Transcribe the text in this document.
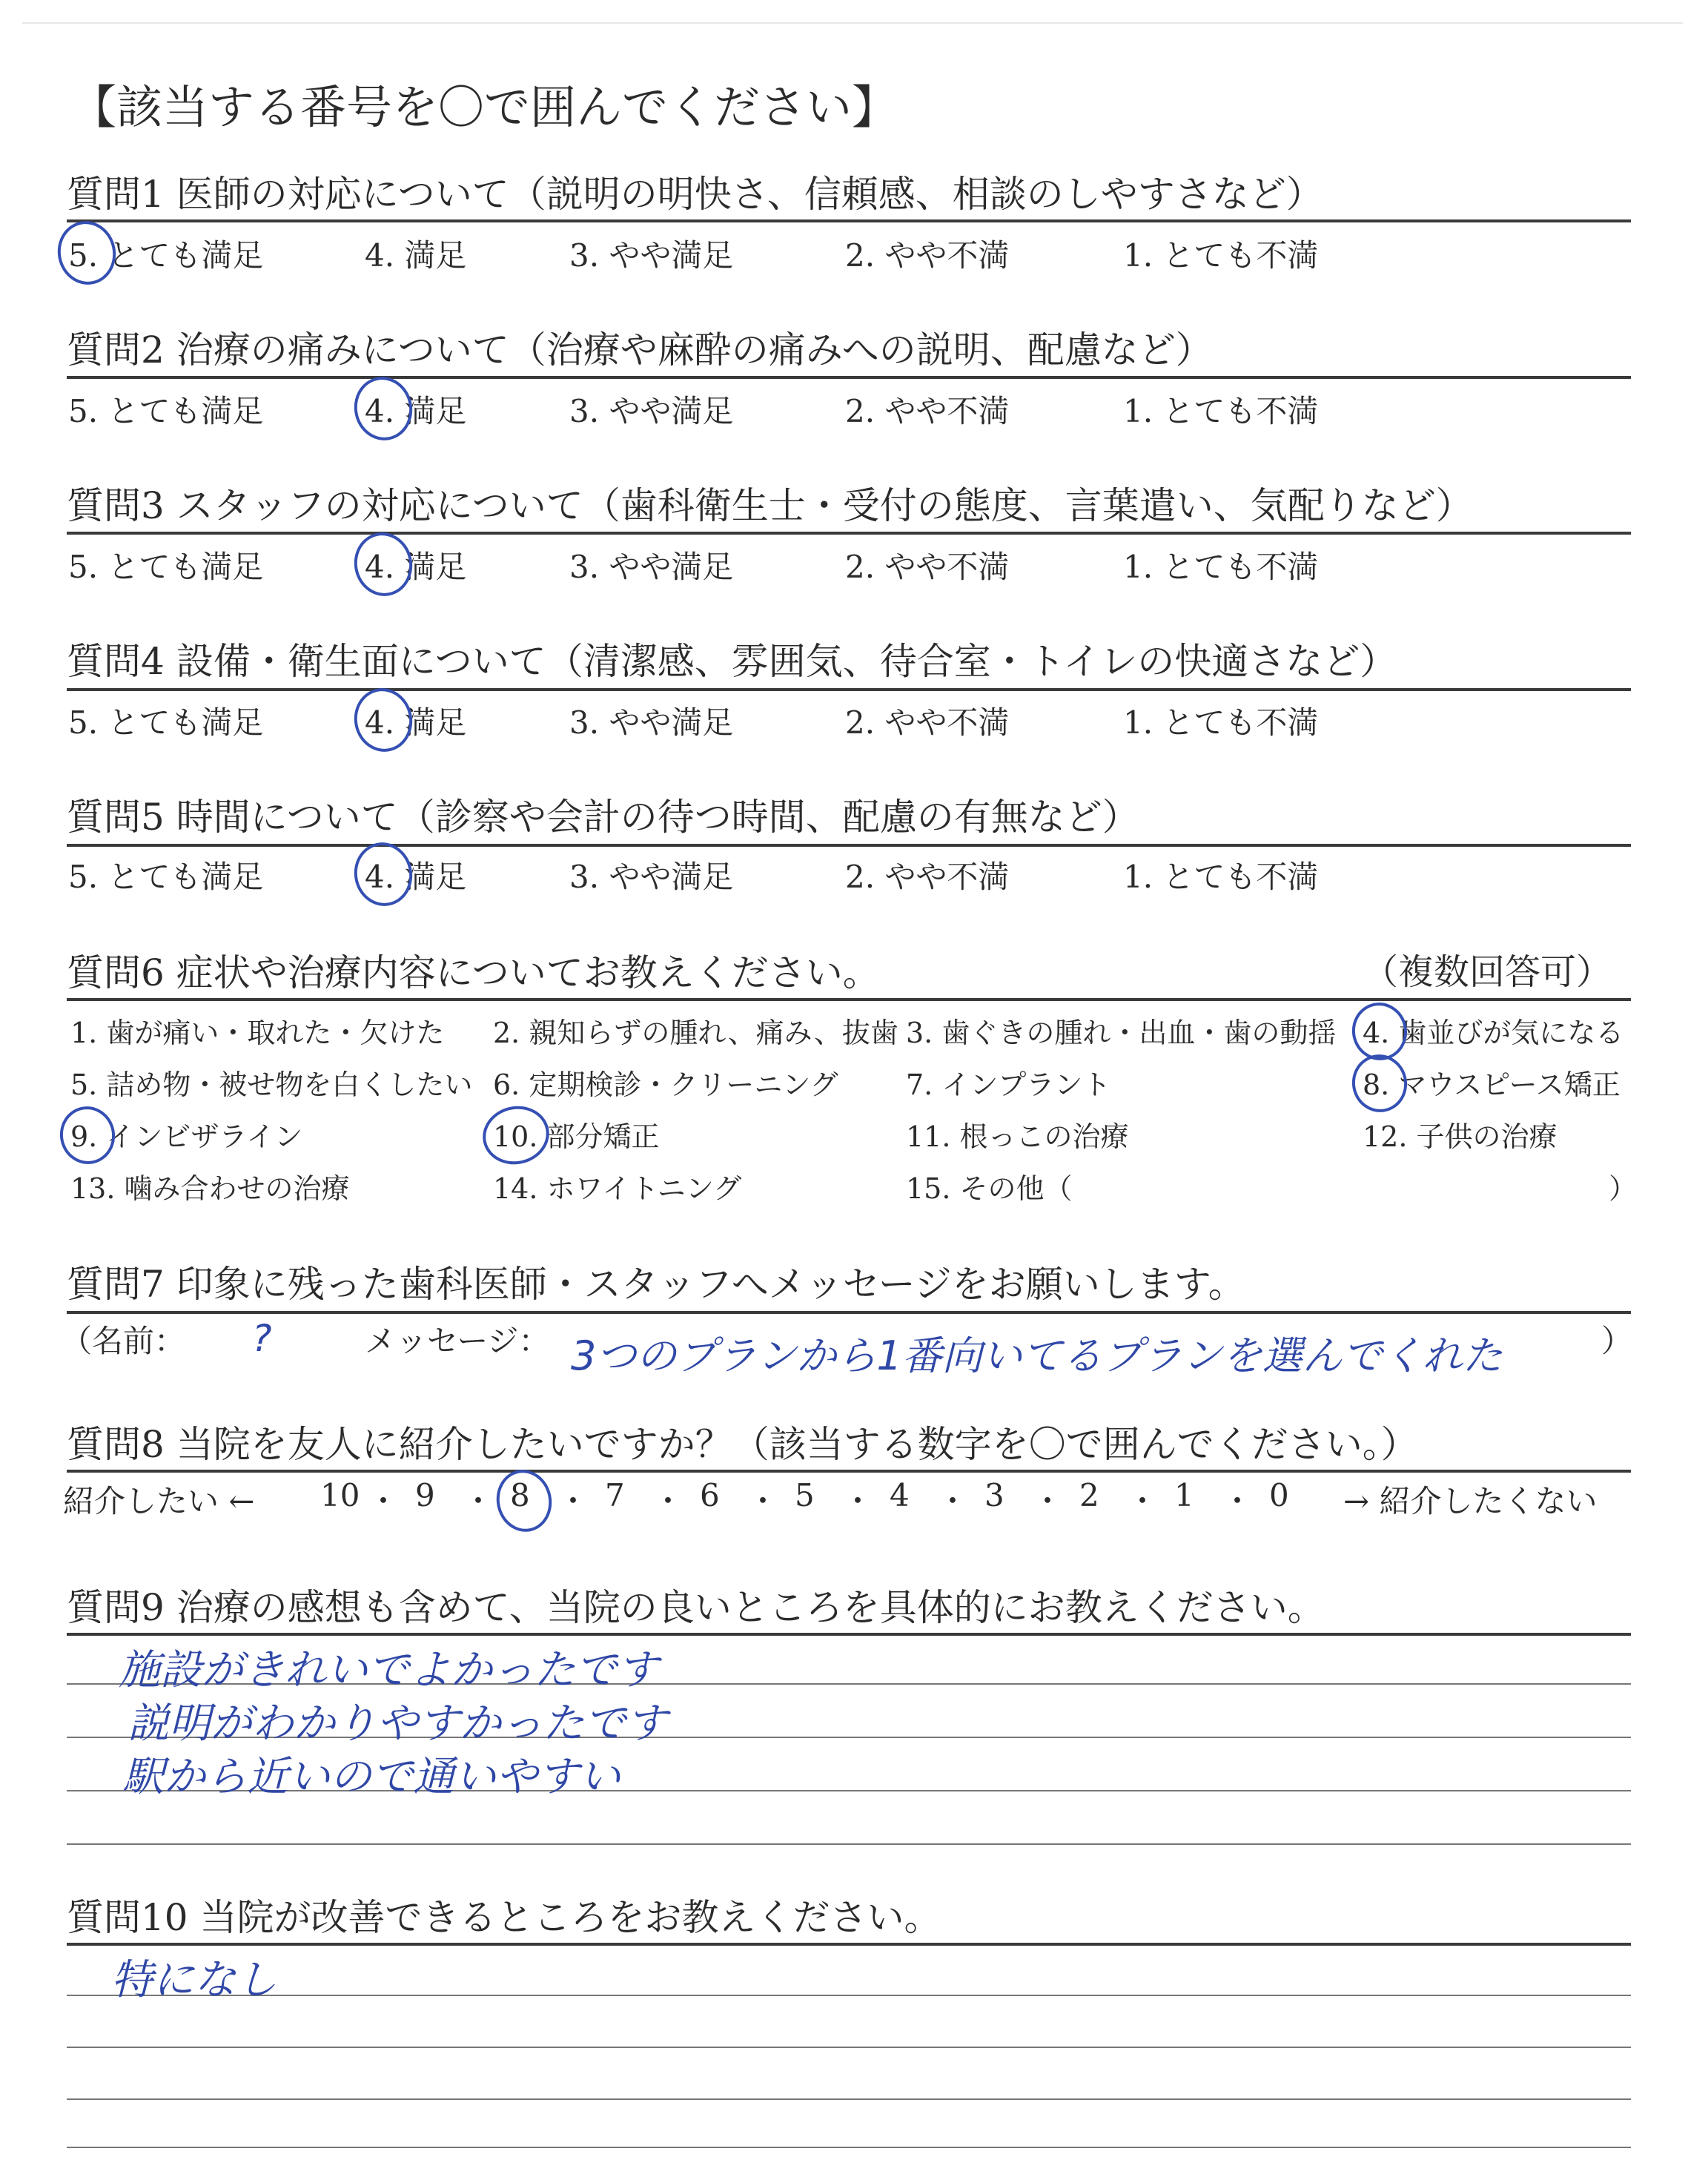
【該当する番号を〇で囲んでください】
質問1 医師の対応について（説明の明快さ、信頼感、相談のしやすさなど）
5. とても満足	4. 満足	3. やや満足	2. やや不満	1. とても不満
質問2 治療の痛みについて（治療や麻酔の痛みへの説明、配慮など）
5. とても満足	4. 満足	3. やや満足	2. やや不満	1. とても不満
質問3 スタッフの対応について（歯科衛生士・受付の態度、言葉遣い、気配りなど）
5. とても満足	4. 満足	3. やや満足	2. やや不満	1. とても不満
質問4 設備・衛生面について（清潔感、雰囲気、待合室・トイレの快適さなど）
5. とても満足	4. 満足	3. やや満足	2. やや不満	1. とても不満
質問5 時間について（診察や会計の待つ時間、配慮の有無など）
5. とても満足	4. 満足	3. やや満足	2. やや不満	1. とても不満
質問6 症状や治療内容についてお教えください。	（複数回答可）
1. 歯が痛い・取れた・欠けた 2. 親知らずの腫れ、痛み、抜歯 3. 歯ぐきの腫れ・出血・歯の動揺 4. 歯並びが気になる
5. 詰め物・被せ物を白くしたい 6. 定期検診・クリーニング 7. インプラント	8. マウスピース矯正
9. インビザライン	10. 部分矯正	11. 根っこの治療	12. 子供の治療
13. 噛み合わせの治療	14. ホワイトニング	15. その他（	）
質問7 印象に残った歯科医師・スタッフへメッセージをお願いします。
（名前： ?	メッセージ： 3つのプランから1番向いてるプランを選んでくれた	）
質問8 当院を友人に紹介したいですか？（該当する数字を〇で囲んでください。）
紹介したい ←	→ 紹介したくない
10 ・ 9 ・ 8 ・ 7 ・ 6 ・ 5 ・ 4 ・ 3 ・ 2 ・ 1 ・ 0
質問9 治療の感想も含めて、当院の良いところを具体的にお教えください。
施設がきれいでよかったです
説明がわかりやすかったです
駅から近いので通いやすい
質問10 当院が改善できるところをお教えください。
特になし
